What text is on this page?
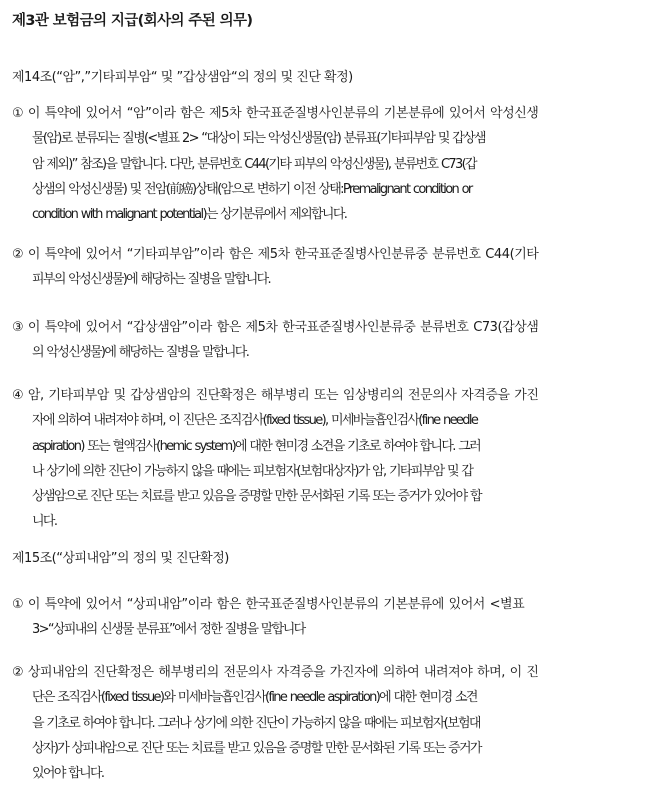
제3관 보험금의 지급(회사의 주된 의무)
제14조(“암”,”기타피부암“ 및 ”갑상샘암“의 정의 및 진단 확정)
① 이 특약에 있어서 “암”이라 함은 제5차 한국표준질병사인분류의 기본분류에 있어서 악성신생
물(암)로 분류되는 질병(<별표 2> “대상이 되는 악성신생물(암) 분류표(기타피부암 및 갑상샘
암 제외)” 참조)을 말합니다. 다만, 분류번호 C44(기타 피부의 악성신생물), 분류번호 C73(갑
상샘의 악성신생물) 및 전암(前癌)상태(암으로 변하기 이전 상태:Premalignant condition or
condition with malignant potential)는 상기분류에서 제외합니다.
② 이 특약에 있어서 “기타피부암”이라 함은 제5차 한국표준질병사인분류중 분류번호 C44(기타
피부의 악성신생물)에 해당하는 질병을 말합니다.
③ 이 특약에 있어서 “갑상샘암”이라 함은 제5차 한국표준질병사인분류중 분류번호 C73(갑상샘
의 악성신생물)에 해당하는 질병을 말합니다.
④ 암, 기타피부암 및 갑상샘암의 진단확정은 해부병리 또는 임상병리의 전문의사 자격증을 가진
자에 의하여 내려져야 하며, 이 진단은 조직검사(fixed tissue), 미세바늘흡인검사(fine needle
aspiration) 또는 혈액검사(hemic system)에 대한 현미경 소견을 기초로 하여야 합니다. 그러
나 상기에 의한 진단이 가능하지 않을 때에는 피보험자(보험대상자)가 암, 기타피부암 및 갑
상샘암으로 진단 또는 치료를 받고 있음을 증명할 만한 문서화된 기록 또는 증거가 있어야 합
니다.
제15조(“상피내암”의 정의 및 진단확정)
① 이 특약에 있어서 “상피내암”이라 함은 한국표준질병사인분류의 기본분류에 있어서 <별표
3>“상피내의 신생물 분류표”에서 정한 질병을 말합니다
② 상피내암의 진단확정은 해부병리의 전문의사 자격증을 가진자에 의하여 내려져야 하며, 이 진
단은 조직검사(fixed tissue)와 미세바늘흡인검사(fine needle aspiration)에 대한 현미경 소견
을 기초로 하여야 합니다. 그러나 상기에 의한 진단이 가능하지 않을 때에는 피보험자(보험대
상자)가 상피내암으로 진단 또는 치료를 받고 있음을 증명할 만한 문서화된 기록 또는 증거가
있어야 합니다.
